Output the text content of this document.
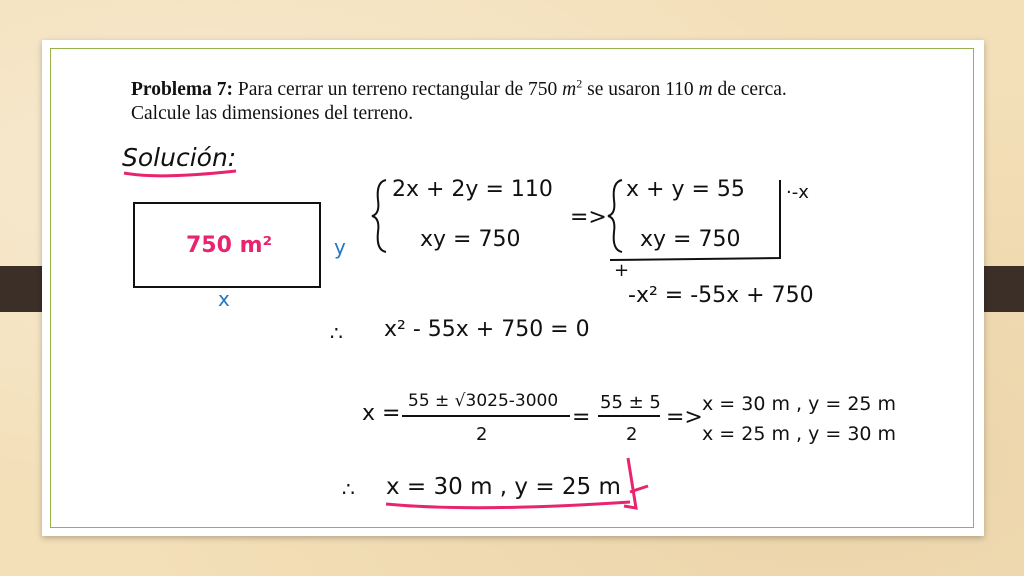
Problema 7: Para cerrar un terreno rectangular de 750 $m^2$ se usaron 110 m de cerca.
Calcule las dimensiones del terreno.
Solución:
750 m²
x
y
2x + 2y = 110
xy = 750
=>
x + y = 55
xy = 750
·-x
+
-x² = -55x + 750
∴ x² - 55x + 750 = 0
x = 55 ± √3025-3000
2
=
55 ± 5
2
=>
x = 30 m , y = 25 m
x = 25 m , y = 30 m
∴ x = 30 m , y = 25 m
